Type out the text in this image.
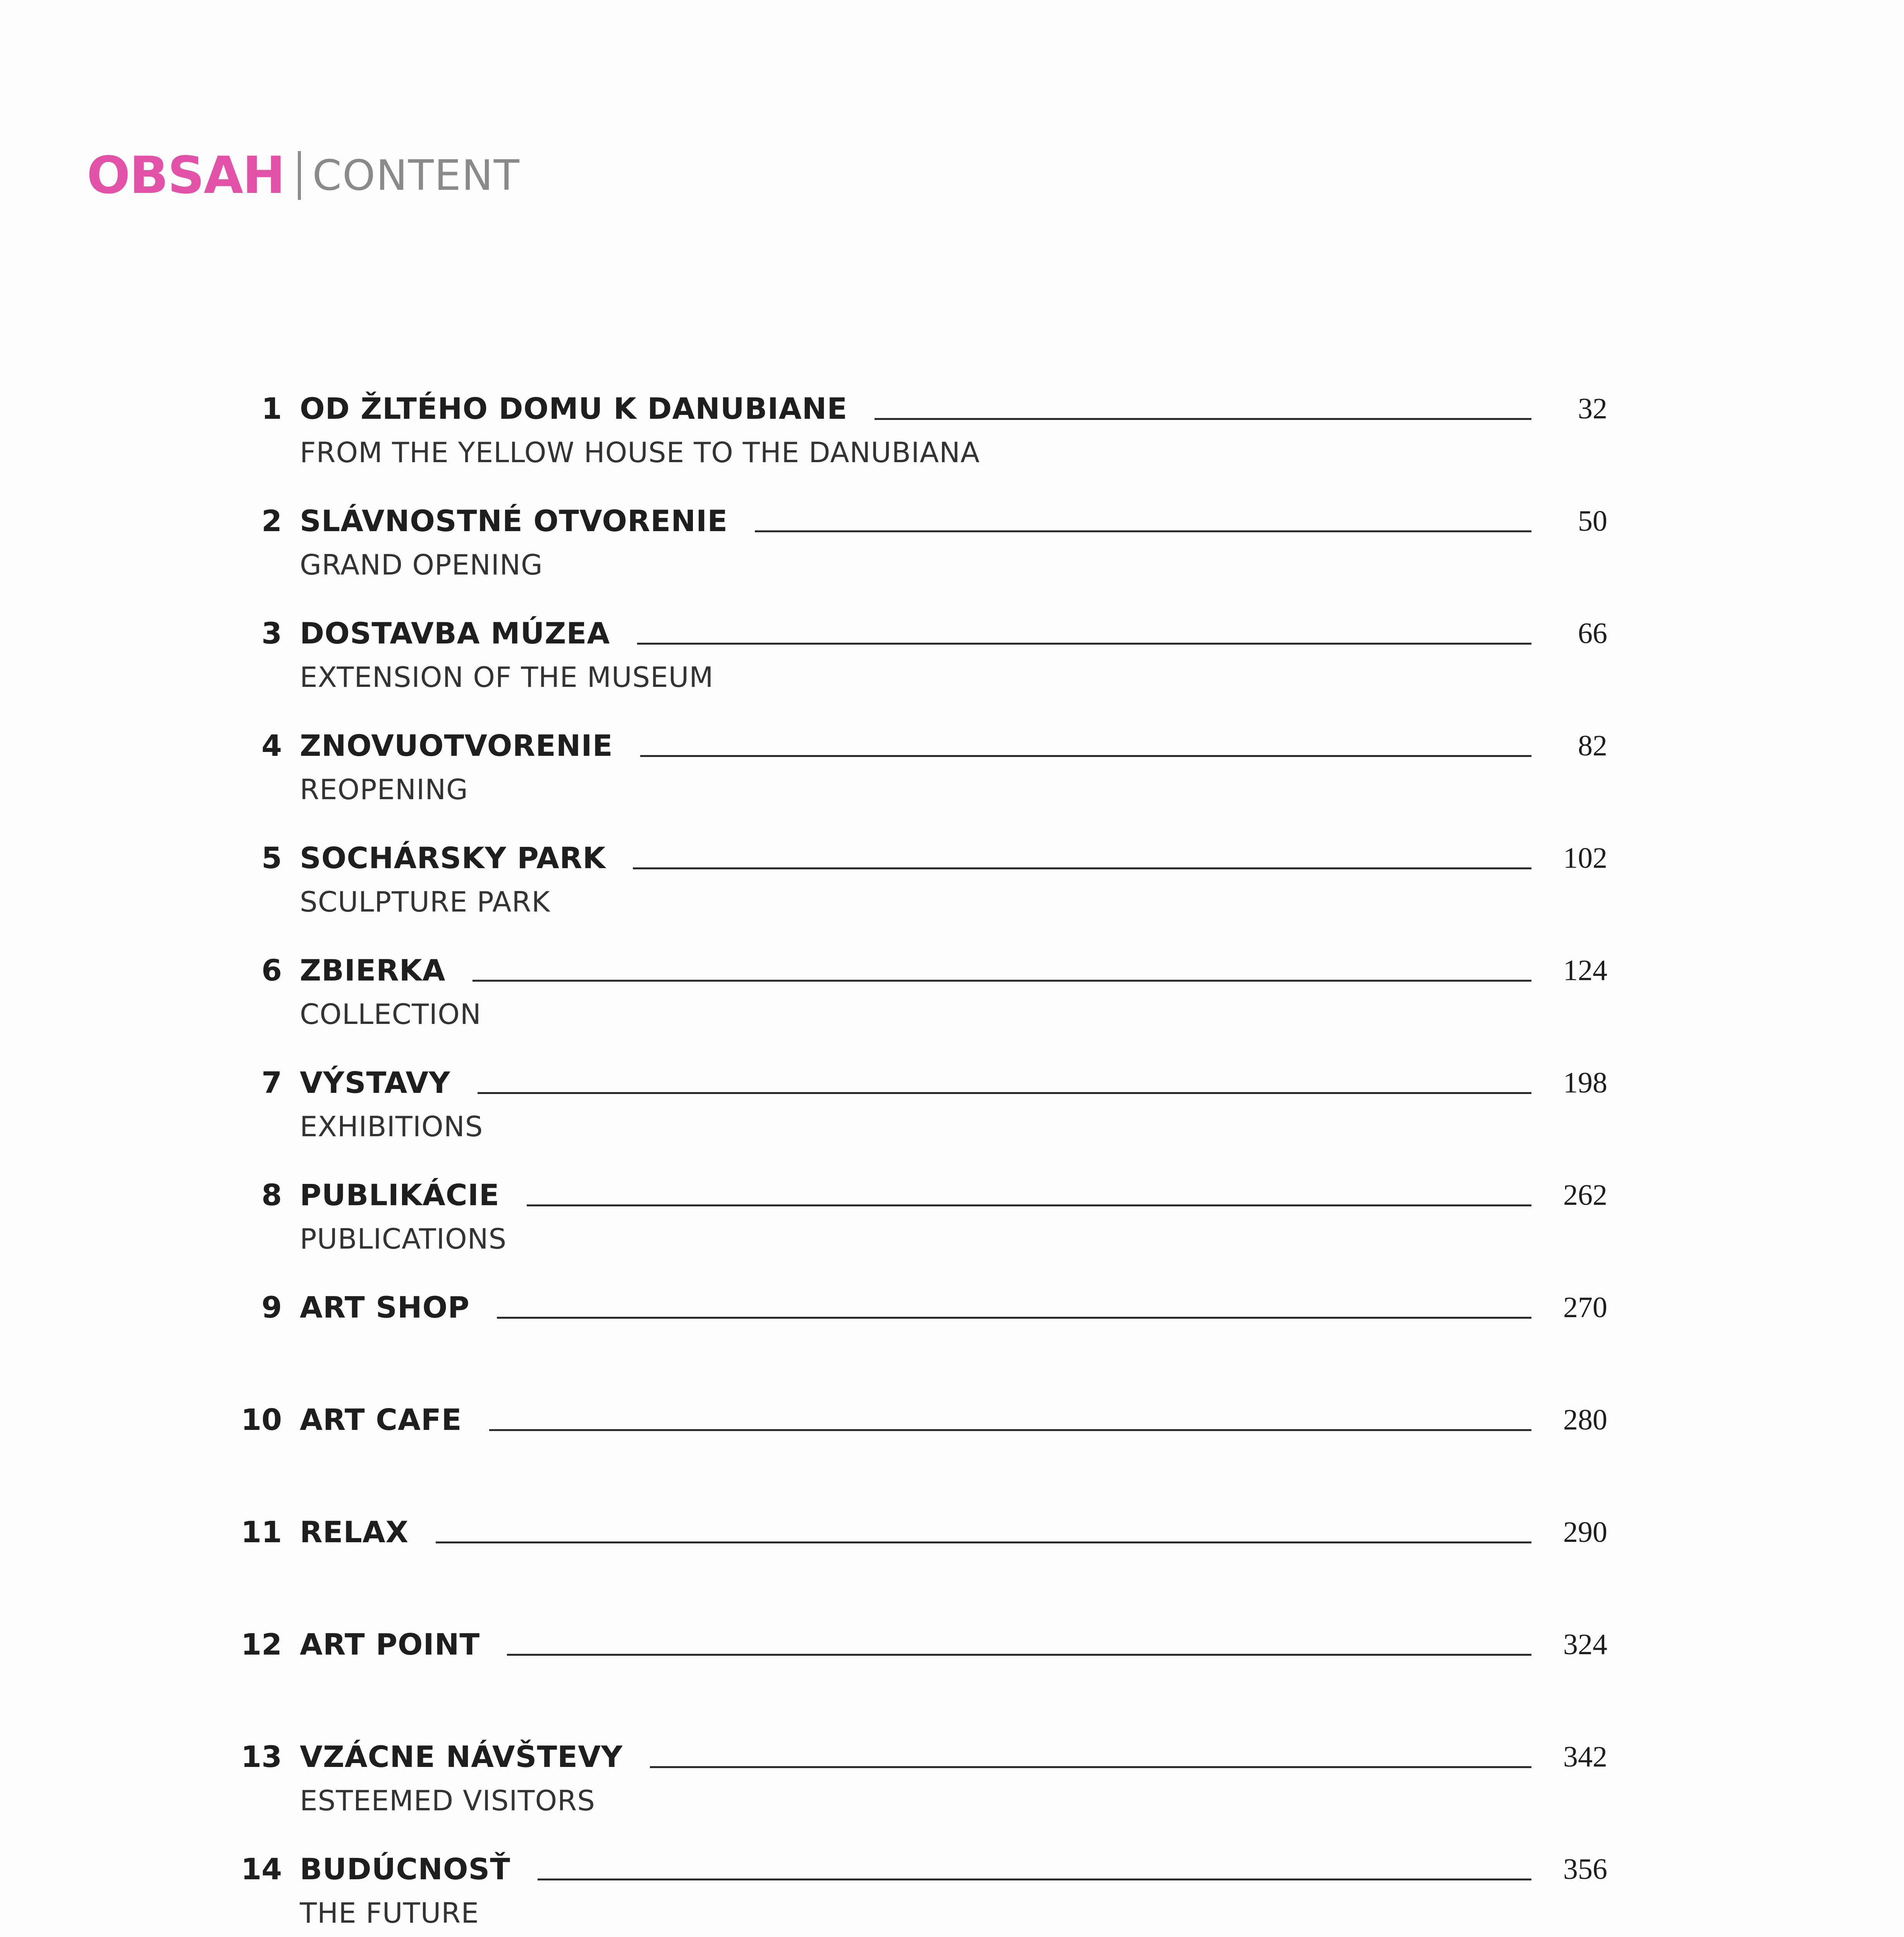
OBSAH CONTENT
1 OD ŽLTÉHO DOMU K DANUBIANE	32
FROM THE YELLOW HOUSE TO THE DANUBIANA
2 SLÁVNOSTNÉ OTVORENIE	50
GRAND OPENING
3 DOSTAVBA MÚZEA	66
EXTENSION OF THE MUSEUM
4 ZNOVUOTVORENIE	82
REOPENING
5 SOCHÁRSKY PARK	102
SCULPTURE PARK
6 ZBIERKA	124
COLLECTION
7 VÝSTAVY	198
EXHIBITIONS
8 PUBLIKÁCIE	262
PUBLICATIONS
9 ART SHOP	270
10 ART CAFE	280
11 RELAX	290
12 ART POINT	324
13 VZÁCNE NÁVŠTEVY	342
ESTEEMED VISITORS
14 BUDÚCNOSŤ	356
THE FUTURE
